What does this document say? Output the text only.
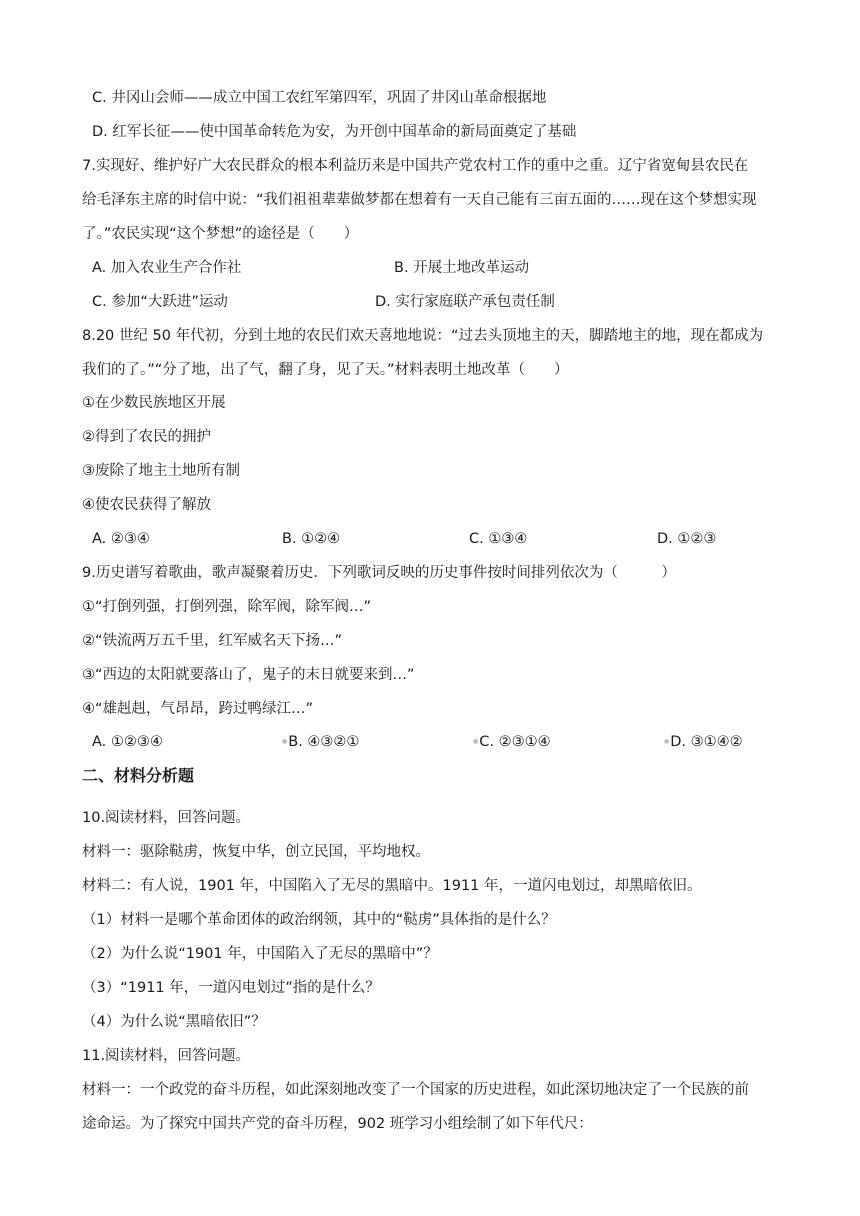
C. 井冈山会师——成立中国工农红军第四军，巩固了井冈山革命根据地
D. 红军长征——使中国革命转危为安，为开创中国革命的新局面奠定了基础
7.实现好、维护好广大农民群众的根本利益历来是中国共产党农村工作的重中之重。辽宁省宽甸县农民在
给毛泽东主席的时信中说：“我们祖祖辈辈做梦都在想着有一天自己能有三亩五面的……现在这个梦想实现
了。”农民实现“这个梦想”的途径是（　　）
A. 加入农业生产合作社	B. 开展土地改革运动
C. 参加“大跃进”运动	D. 实行家庭联产承包责任制
8.20 世纪 50 年代初，分到土地的农民们欢天喜地地说：“过去头顶地主的天，脚踏地主的地，现在都成为
我们的了。”“分了地，出了气，翻了身，见了天。”材料表明土地改革（　　）
①在少数民族地区开展
②得到了农民的拥护
③废除了地主土地所有制
④使农民获得了解放
A. ②③④	B. ①②④	C. ①③④	D. ①②③
9.历史谱写着歌曲，歌声凝聚着历史．下列歌词反映的历史事件按时间排列依次为（　　　）
①“打倒列强，打倒列强，除军阀，除军阀…”
②“铁流两万五千里，红军威名天下扬…”
③“西边的太阳就要落山了，鬼子的末日就要来到…”
④“雄赳赳，气昂昂，跨过鸭绿江…”
A. ①②③④	●B. ④③②①	●C. ②③①④	●D. ③①④②
二、材料分析题
10.阅读材料，回答问题。
材料一：驱除鞑虏，恢复中华，创立民国，平均地权。
材料二：有人说，1901 年，中国陷入了无尽的黑暗中。1911 年，一道闪电划过，却黑暗依旧。
（1）材料一是哪个革命团体的政治纲领，其中的“鞑虏”具体指的是什么？
（2）为什么说“1901 年，中国陷入了无尽的黑暗中”？
（3）“1911 年，一道闪电划过”指的是什么？
（4）为什么说“黑暗依旧”？
11.阅读材料，回答问题。
材料一：一个政党的奋斗历程，如此深刻地改变了一个国家的历史进程，如此深切地决定了一个民族的前
途命运。为了探究中国共产党的奋斗历程，902 班学习小组绘制了如下年代尺：
